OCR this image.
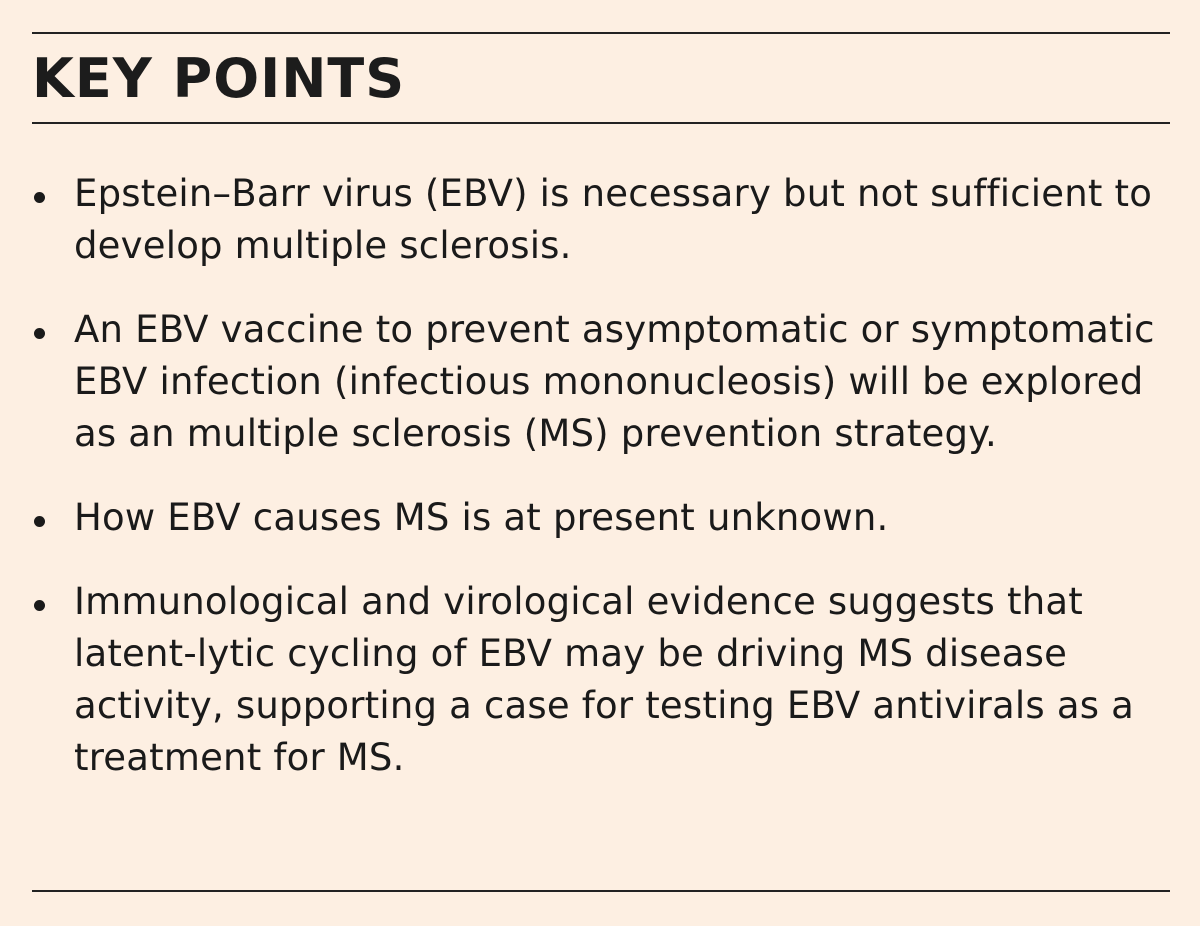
KEY POINTS
Epstein–Barr virus (EBV) is necessary but not sufficient to develop multiple sclerosis.
An EBV vaccine to prevent asymptomatic or symptomatic EBV infection (infectious mononucleosis) will be explored as an multiple sclerosis (MS) prevention strategy.
How EBV causes MS is at present unknown.
Immunological and virological evidence suggests that latent-lytic cycling of EBV may be driving MS disease activity, supporting a case for testing EBV antivirals as a treatment for MS.
